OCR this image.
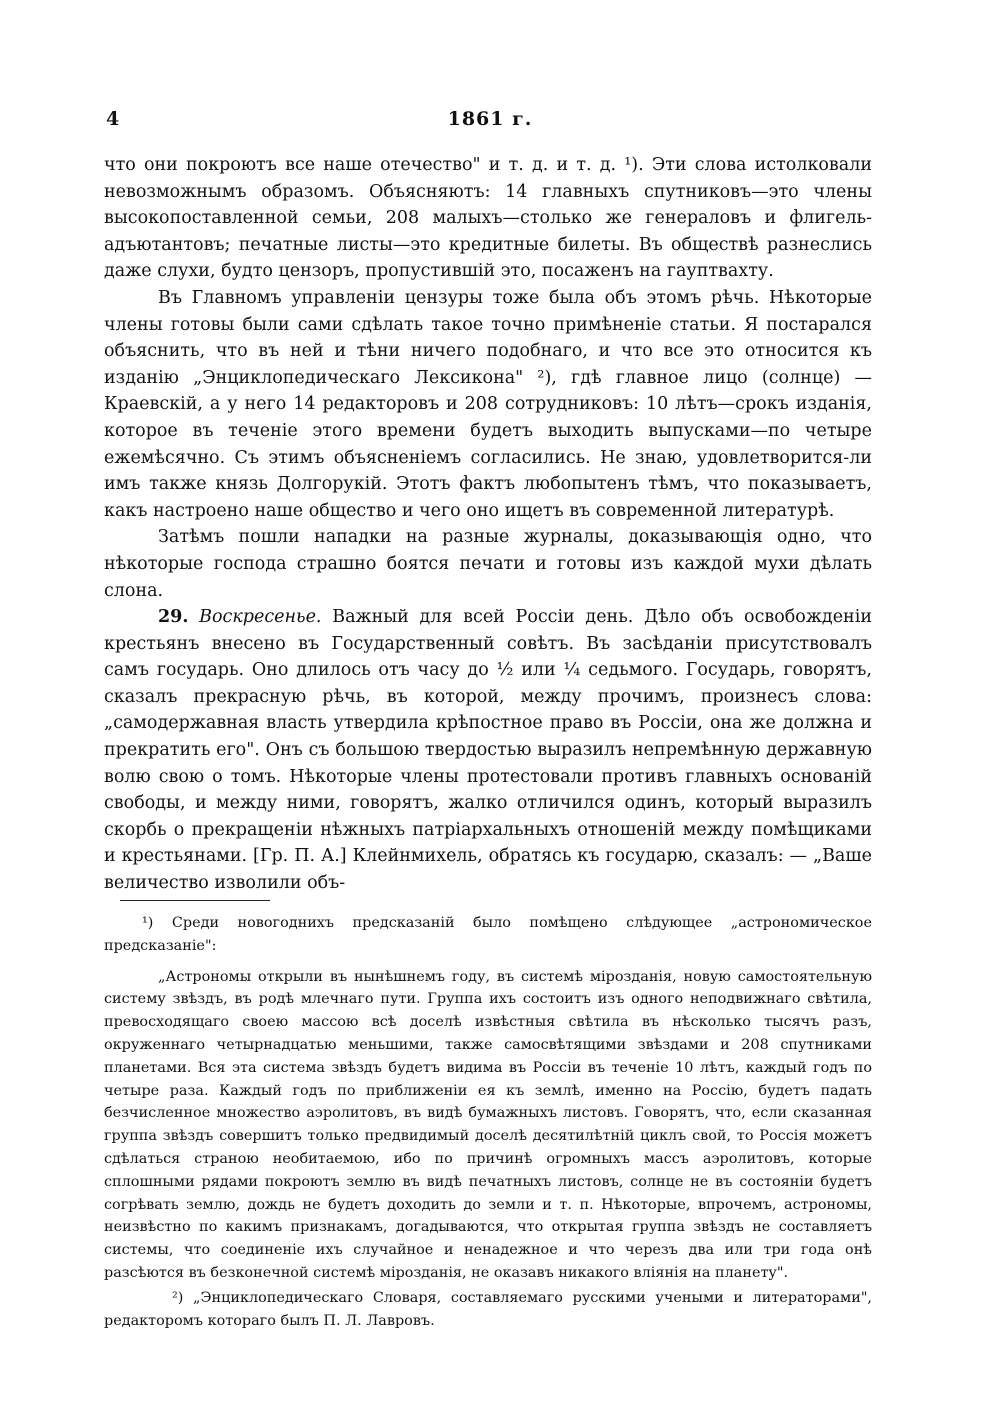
4	1861 г.

что они покроютъ все наше отечество" и т. д. и т. д. ¹). Эти слова истолковали невозможнымъ образомъ. Объясняютъ: 14 главныхъ спутниковъ—это члены высокопоставленной семьи, 208 малыхъ—столько же генераловъ и флигель-адъютантовъ; печатные листы—это кредитные билеты. Въ обществѣ разнеслись даже слухи, будто цензоръ, пропустившій это, посаженъ на гауптвахту.

Въ Главномъ управленіи цензуры тоже была объ этомъ рѣчь. Нѣкоторые члены готовы были сами сдѣлать такое точно примѣненіе статьи. Я постарался объяснить, что въ ней и тѣни ничего подобнаго, и что все это относится къ изданію „Энциклопедическаго Лексикона" ²), гдѣ главное лицо (солнце) — Краевскій, а у него 14 редакторовъ и 208 сотрудниковъ: 10 лѣтъ—срокъ изданія, которое въ теченіе этого времени будетъ выходить выпусками—по четыре ежемѣсячно. Съ этимъ объясненіемъ согласились. Не знаю, удовлетворится-ли имъ также князь Долгорукій. Этотъ фактъ любопытенъ тѣмъ, что показываетъ, какъ настроено наше общество и чего оно ищетъ въ современной литературѣ.

Затѣмъ пошли нападки на разные журналы, доказывающія одно, что нѣкоторые господа страшно боятся печати и готовы изъ каждой мухи дѣлать слона.

29. Воскресенье. Важный для всей Россіи день. Дѣло объ освобожденіи крестьянъ внесено въ Государственный совѣтъ. Въ засѣданіи присутствовалъ самъ государь. Оно длилось отъ часу до ½ или ¼ седьмого. Государь, говорятъ, сказалъ прекрасную рѣчь, въ которой, между прочимъ, произнесъ слова: „самодержавная власть утвердила крѣпостное право въ Россіи, она же должна и прекратить его". Онъ съ большою твердостью выразилъ непремѣнную державную волю свою о томъ. Нѣкоторые члены протестовали противъ главныхъ основаній свободы, и между ними, говорятъ, жалко отличился одинъ, который выразилъ скорбь о прекращеніи нѣжныхъ патріархальныхъ отношеній между помѣщиками и крестьянами. [Гр. П. А.] Клейнмихель, обратясь къ государю, сказалъ: — „Ваше величество изволили объ-

¹) Среди новогоднихъ предсказаній было помѣщено слѣдующее „астрономическое предсказаніе":

„Астрономы открыли въ нынѣшнемъ году, въ системѣ мірозданія, новую самостоятельную систему звѣздъ, въ родѣ млечнаго пути. Группа ихъ состоитъ изъ одного неподвижнаго свѣтила, превосходящаго своею массою всѣ доселѣ извѣстныя свѣтила въ нѣсколько тысячъ разъ, окруженнаго четырнадцатью меньшими, также самосвѣтящими звѣздами и 208 спутниками планетами. Вся эта система звѣздъ будетъ видима въ Россіи въ теченіе 10 лѣтъ, каждый годъ по четыре раза. Каждый годъ по приближеніи ея къ землѣ, именно на Россію, будетъ падать безчисленное множество аэролитовъ, въ видѣ бумажныхъ листовъ. Говорятъ, что, если сказанная группа звѣздъ совершитъ только предвидимый доселѣ десятилѣтній циклъ свой, то Россія можетъ сдѣлаться страною необитаемою, ибо по причинѣ огромныхъ массъ аэролитовъ, которые сплошными рядами покроютъ землю въ видѣ печатныхъ листовъ, солнце не въ состояніи будетъ согрѣвать землю, дождь не будетъ доходить до земли и т. п. Нѣкоторые, впрочемъ, астрономы, неизвѣстно по какимъ признакамъ, догадываются, что открытая группа звѣздъ не составляетъ системы, что соединеніе ихъ случайное и ненадежное и что черезъ два или три года онѣ разсѣются въ безконечной системѣ мірозданія, не оказавъ никакого вліянія на планету".

²) „Энциклопедическаго Словаря, составляемаго русскими учеными и литераторами", редакторомъ котораго былъ П. Л. Лавровъ.
